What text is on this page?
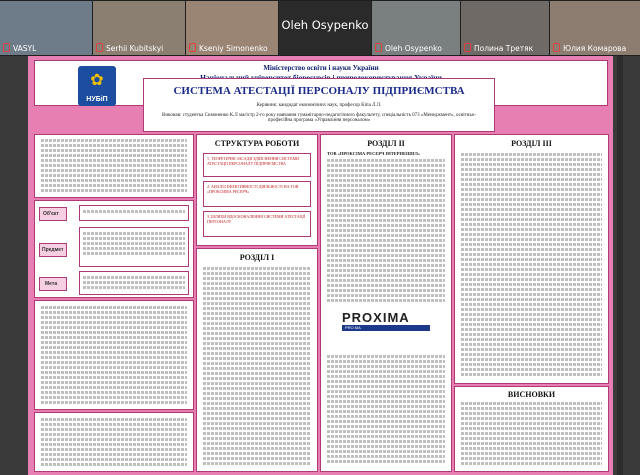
VASYL	Serhii Kubitskyi	Kseniy Simonenko
Oleh Osypenko
Oleh Osypenko	Полина Третяк	Юлия Комарова
Міністерство освіти і науки України
✿
НУБіП
СИСТЕМА АТЕСТАЦІЇ ПЕРСОНАЛУ ПІДПРИЄМСТВА
Керівник: кандидат економічних наук, професор Кіпа Л.Л.
Виконав: студентка Симоненко К.Л магістр 2-го року навчання гуманітарно-педагогічного факультету, спеціальність 073 «Менеджмент», освітньо-професійна програма «Управління персоналом»
Об'єкт
Предмет
Мета
СТРУКТУРА РОБОТИ
1. ТЕОРЕТИЧНІ ЗАСАДИ ЗДІЙСНЕННЯ СИСТЕМИ АТЕСТАЦІЇ ПЕРСОНАЛУ ПІДПРИЄМСТВА
2. АНАЛІЗ ЕФЕКТИВНОСТІ ДІЯЛЬНОСТІ НА ТОВ «ПРОКСИМА РЕСЕРЧ»
3. ШЛЯХИ ВДОСКОНАЛЕННЯ СИСТЕМИ АТЕСТАЦІЇ ПЕРСОНАЛУ
РОЗДІЛ І
РОЗДІЛ ІІ
ТОВ «ПРОКСІМА РЕСЕРЧ ІНТЕРНЕШНЛ»
PROXIMA
PRO.MA
РОЗДІЛ ІІІ
ВИСНОВКИ
